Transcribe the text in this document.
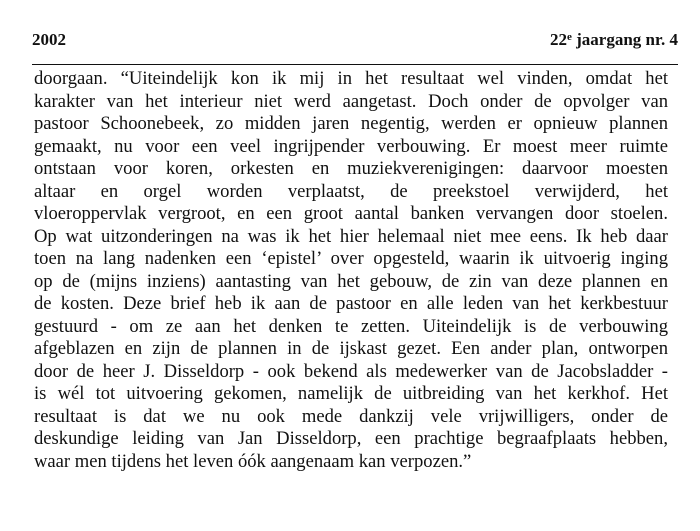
2002	22e jaargang nr. 4
doorgaan. “Uiteindelijk kon ik mij in het resultaat wel vinden, omdat het
karakter van het interieur niet werd aangetast. Doch onder de opvolger van
pastoor Schoonebeek, zo midden jaren negentig, werden er opnieuw plannen
gemaakt, nu voor een veel ingrijpender verbouwing. Er moest meer ruimte
ontstaan voor koren, orkesten en muziekverenigingen: daarvoor moesten
altaar en orgel worden verplaatst, de preekstoel verwijderd, het
vloeroppervlak vergroot, en een groot aantal banken vervangen door stoelen.
Op wat uitzonderingen na was ik het hier helemaal niet mee eens. Ik heb daar
toen na lang nadenken een ‘epistel’ over opgesteld, waarin ik uitvoerig inging
op de (mijns inziens) aantasting van het gebouw, de zin van deze plannen en
de kosten. Deze brief heb ik aan de pastoor en alle leden van het kerkbestuur
gestuurd - om ze aan het denken te zetten. Uiteindelijk is de verbouwing
afgeblazen en zijn de plannen in de ijskast gezet. Een ander plan, ontworpen
door de heer J. Disseldorp - ook bekend als medewerker van de Jacobsladder -
is wél tot uitvoering gekomen, namelijk de uitbreiding van het kerkhof. Het
resultaat is dat we nu ook mede dankzij vele vrijwilligers, onder de
deskundige leiding van Jan Disseldorp, een prachtige begraafplaats hebben,
waar men tijdens het leven óók aangenaam kan verpozen.”
